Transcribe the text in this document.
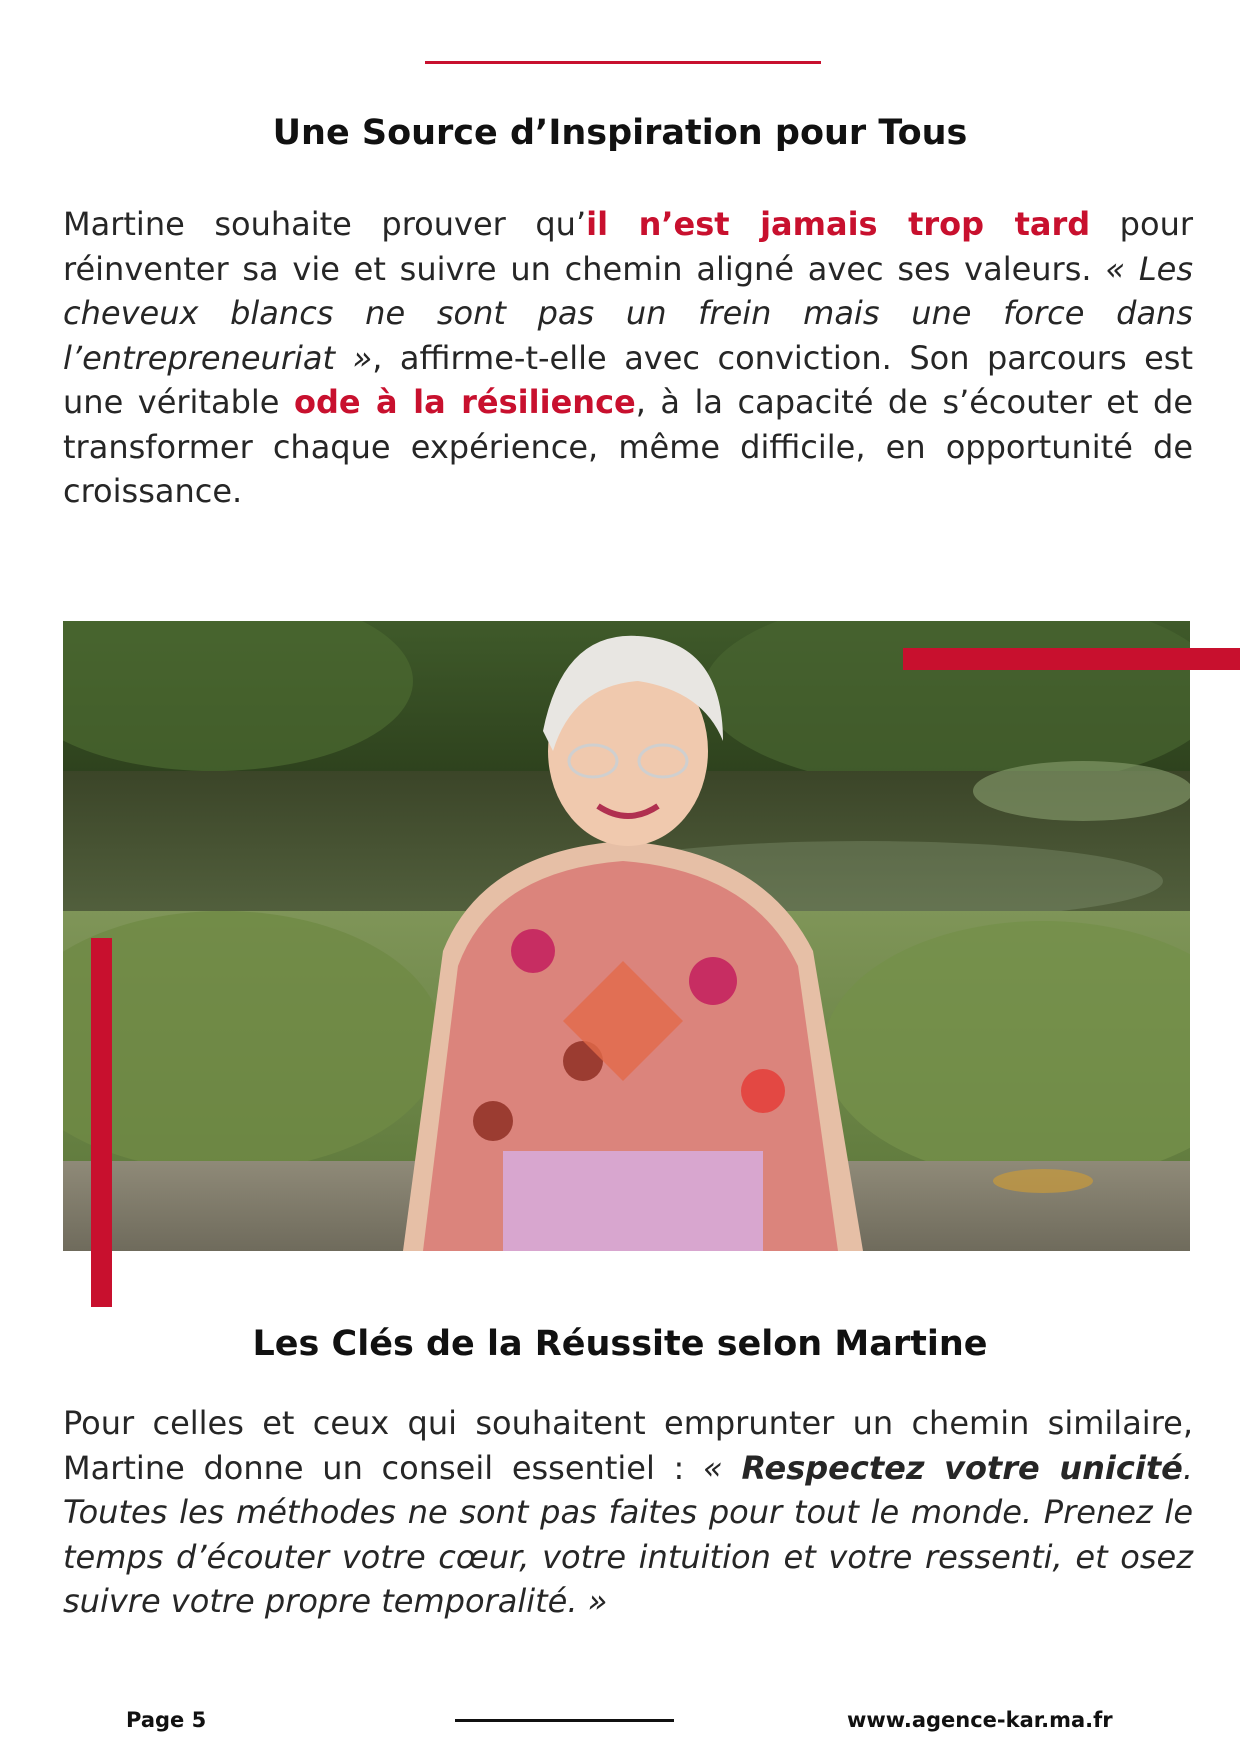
Une Source d’Inspiration pour Tous

Martine souhaite prouver qu’il n’est jamais trop tard pour réinventer sa vie et suivre un chemin aligné avec ses valeurs. « Les cheveux blancs ne sont pas un frein mais une force dans l’entrepreneuriat », affirme-t-elle avec conviction. Son parcours est une véritable ode à la résilience, à la capacité de s’écouter et de transformer chaque expérience, même difficile, en opportunité de croissance.

Les Clés de la Réussite selon Martine

Pour celles et ceux qui souhaitent emprunter un chemin similaire, Martine donne un conseil essentiel : « Respectez votre unicité. Toutes les méthodes ne sont pas faites pour tout le monde. Prenez le temps d’écouter votre cœur, votre intuition et votre ressenti, et osez suivre votre propre temporalité. »

Page 5	www.agence-kar.ma.fr
